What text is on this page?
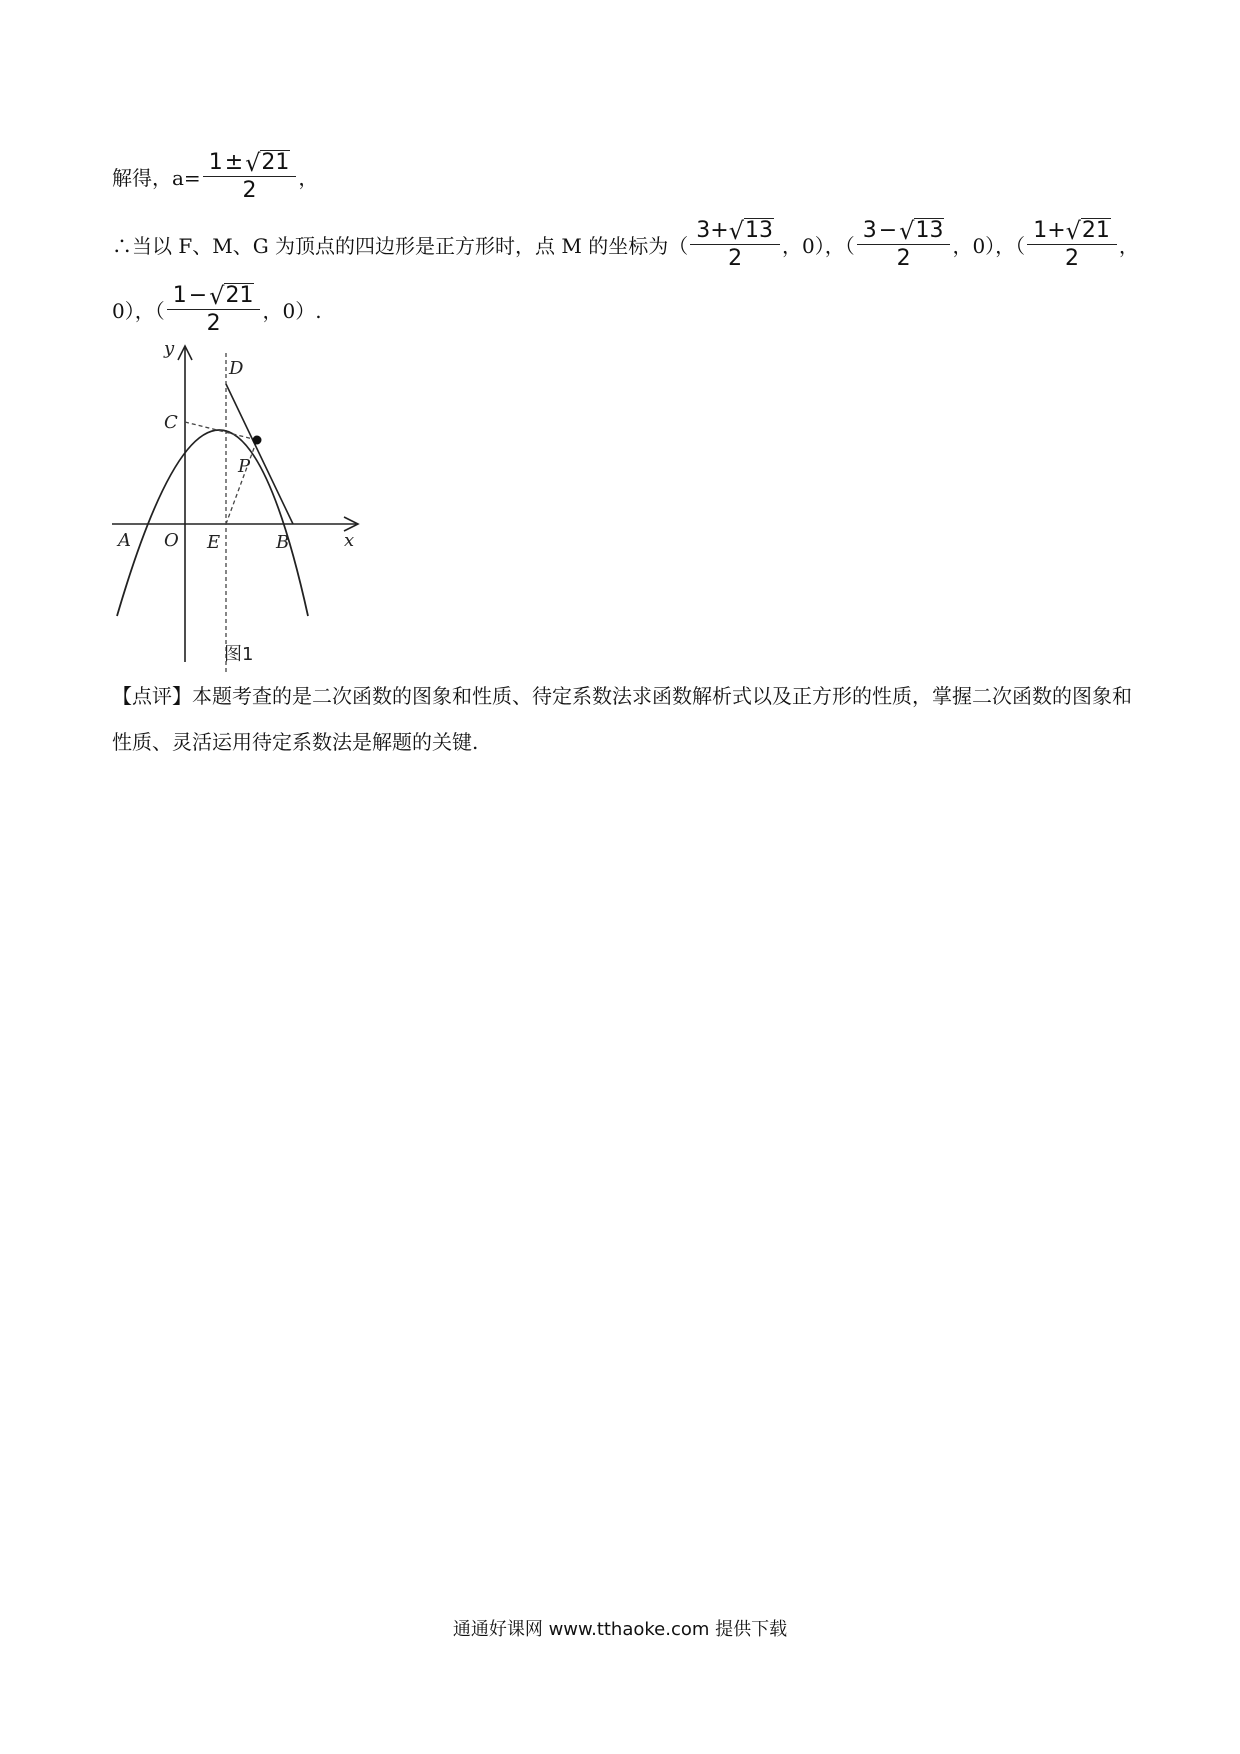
解得，$a= \frac{1 \pm √ 21}{2}$ ，
∴当以 F、M、G 为顶点的四边形是正方形时，点 M 的坐标为（ $\frac{3 + √ 13}{2}$ ，0），（ $\frac{3 - √ 13}{2}$ ，0），（ $\frac{1 + √ 21}{2}$ ，
0），（ $\frac{1 - √ 21}{2}$ ，0）.
y
x
A O E	B
C
D
P
图1
【点评】本题考查的是二次函数的图象和性质、待定系数法求函数解析式以及正方形的性质，掌握二次函数的图象和性质、灵活运用待定系数法是解题的关键.
通通好课网 www.tthaoke.com 提供下载
